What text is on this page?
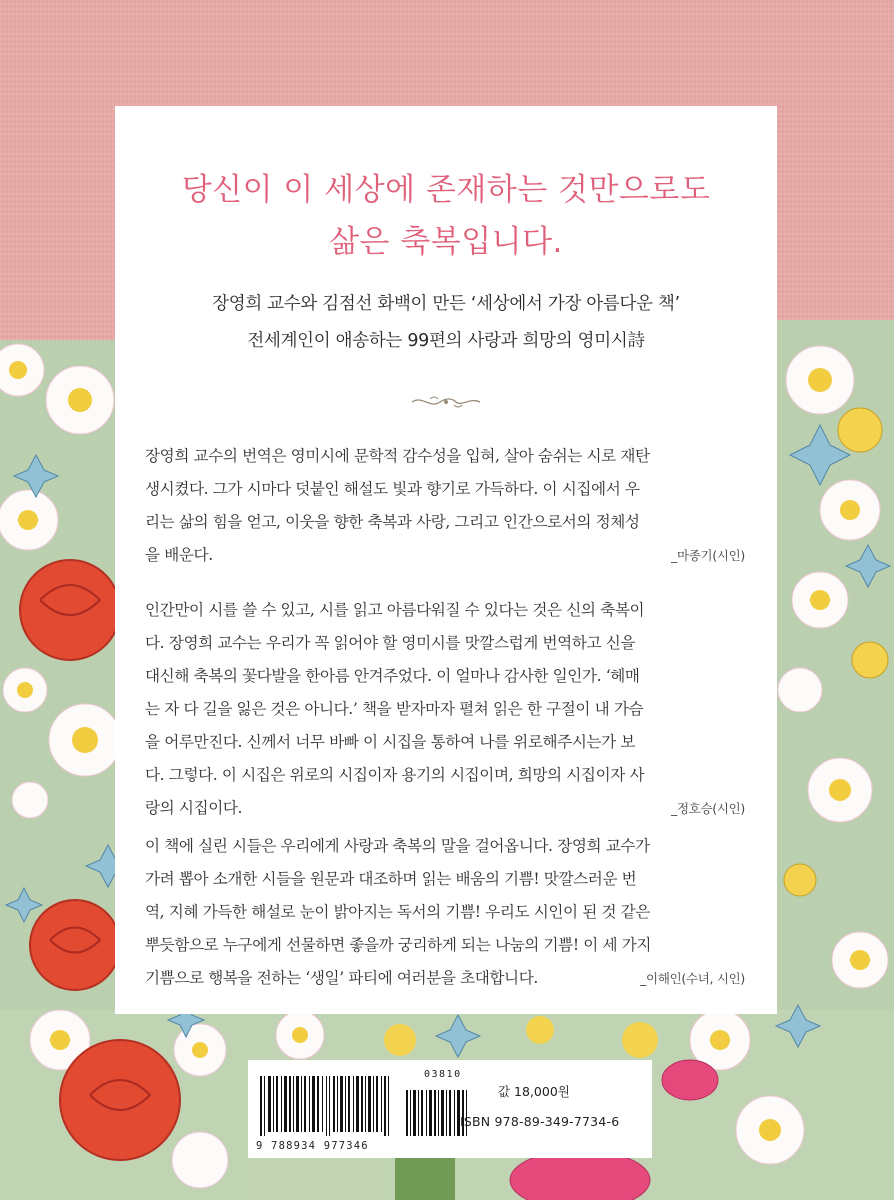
당신이 이 세상에 존재하는 것만으로도
삶은 축복입니다.
장영희 교수와 김점선 화백이 만든 ‘세상에서 가장 아름다운 책’
전세계인이 애송하는 99편의 사랑과 희망의 영미시詩
장영희 교수의 번역은 영미시에 문학적 감수성을 입혀, 살아 숨쉬는 시로 재탄
생시켰다. 그가 시마다 덧붙인 해설도 빛과 향기로 가득하다. 이 시집에서 우
리는 삶의 힘을 얻고, 이웃을 향한 축복과 사랑, 그리고 인간으로서의 정체성
을 배운다.	_마종기(시인)
인간만이 시를 쓸 수 있고, 시를 읽고 아름다워질 수 있다는 것은 신의 축복이
다. 장영희 교수는 우리가 꼭 읽어야 할 영미시를 맛깔스럽게 번역하고 신을
대신해 축복의 꽃다발을 한아름 안겨주었다. 이 얼마나 감사한 일인가. ‘헤매
는 자 다 길을 잃은 것은 아니다.’ 책을 받자마자 펼쳐 읽은 한 구절이 내 가슴
을 어루만진다. 신께서 너무 바빠 이 시집을 통하여 나를 위로해주시는가 보
다. 그렇다. 이 시집은 위로의 시집이자 용기의 시집이며, 희망의 시집이자 사
랑의 시집이다.	_정호승(시인)
이 책에 실린 시들은 우리에게 사랑과 축복의 말을 걸어옵니다. 장영희 교수가
가려 뽑아 소개한 시들을 원문과 대조하며 읽는 배움의 기쁨! 맛깔스러운 번
역, 지혜 가득한 해설로 눈이 밝아지는 독서의 기쁨! 우리도 시인이 된 것 같은
뿌듯함으로 누구에게 선물하면 좋을까 궁리하게 되는 나눔의 기쁨! 이 세 가지
기쁨으로 행복을 전하는 ‘생일’ 파티에 여러분을 초대합니다.	_이해인(수녀, 시인)
03810
9 788934 977346
값 18,000원
ISBN 978-89-349-7734-6
